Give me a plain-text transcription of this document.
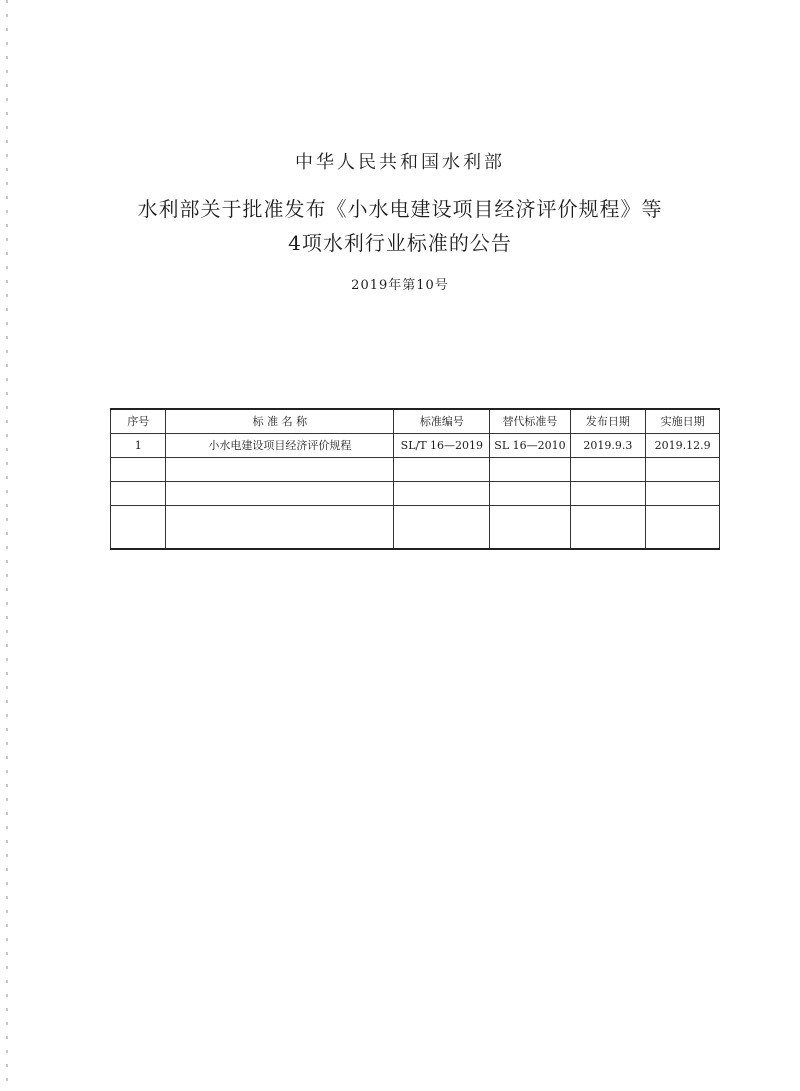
中华人民共和国水利部
水利部关于批准发布《小水电建设项目经济评价规程》等
4项水利行业标准的公告
2019年第10号

序号	标 准 名 称	标准编号	替代标准号	发布日期	实施日期
1	小水电建设项目经济评价规程	SL/T 16—2019	SL 16—2010	2019.9.3	2019.12.9
